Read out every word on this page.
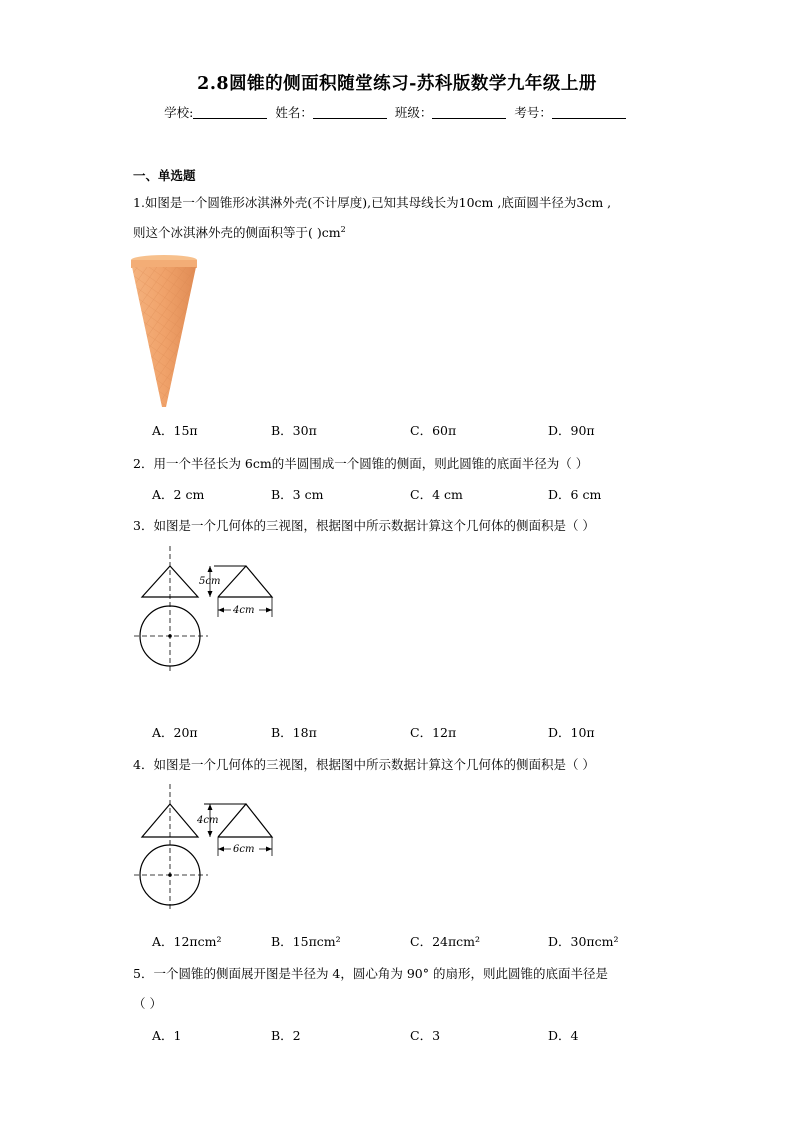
2.8圆锥的侧面积随堂练习-苏科版数学九年级上册
学校:	姓名：	班级：	考号：
一、单选题
1.如图是一个圆锥形冰淇淋外壳(不计厚度),已知其母线长为10cm ,底面圆半径为3cm ,
则这个冰淇淋外壳的侧面积等于( )$cm^2$
A．15π	B．30π	C．60π	D．90π
2．用一个半径长为 6cm的半圆围成一个圆锥的侧面，则此圆锥的底面半径为（ ）
A．2 cm	B．3 cm	C．4 cm	D．6 cm
3．如图是一个几何体的三视图，根据图中所示数据计算这个几何体的侧面积是（ ）
5cm
4cm
A．20π	B．18π	C．12π	D．10π
4．如图是一个几何体的三视图，根据图中所示数据计算这个几何体的侧面积是（ ）
4cm
6cm
A．12πcm²	B．15πcm²	C．24πcm²	D．30πcm²
5．一个圆锥的侧面展开图是半径为 4，圆心角为 90° 的扇形，则此圆锥的底面半径是
（ ）
A．1	B．2	C．3	D．4
